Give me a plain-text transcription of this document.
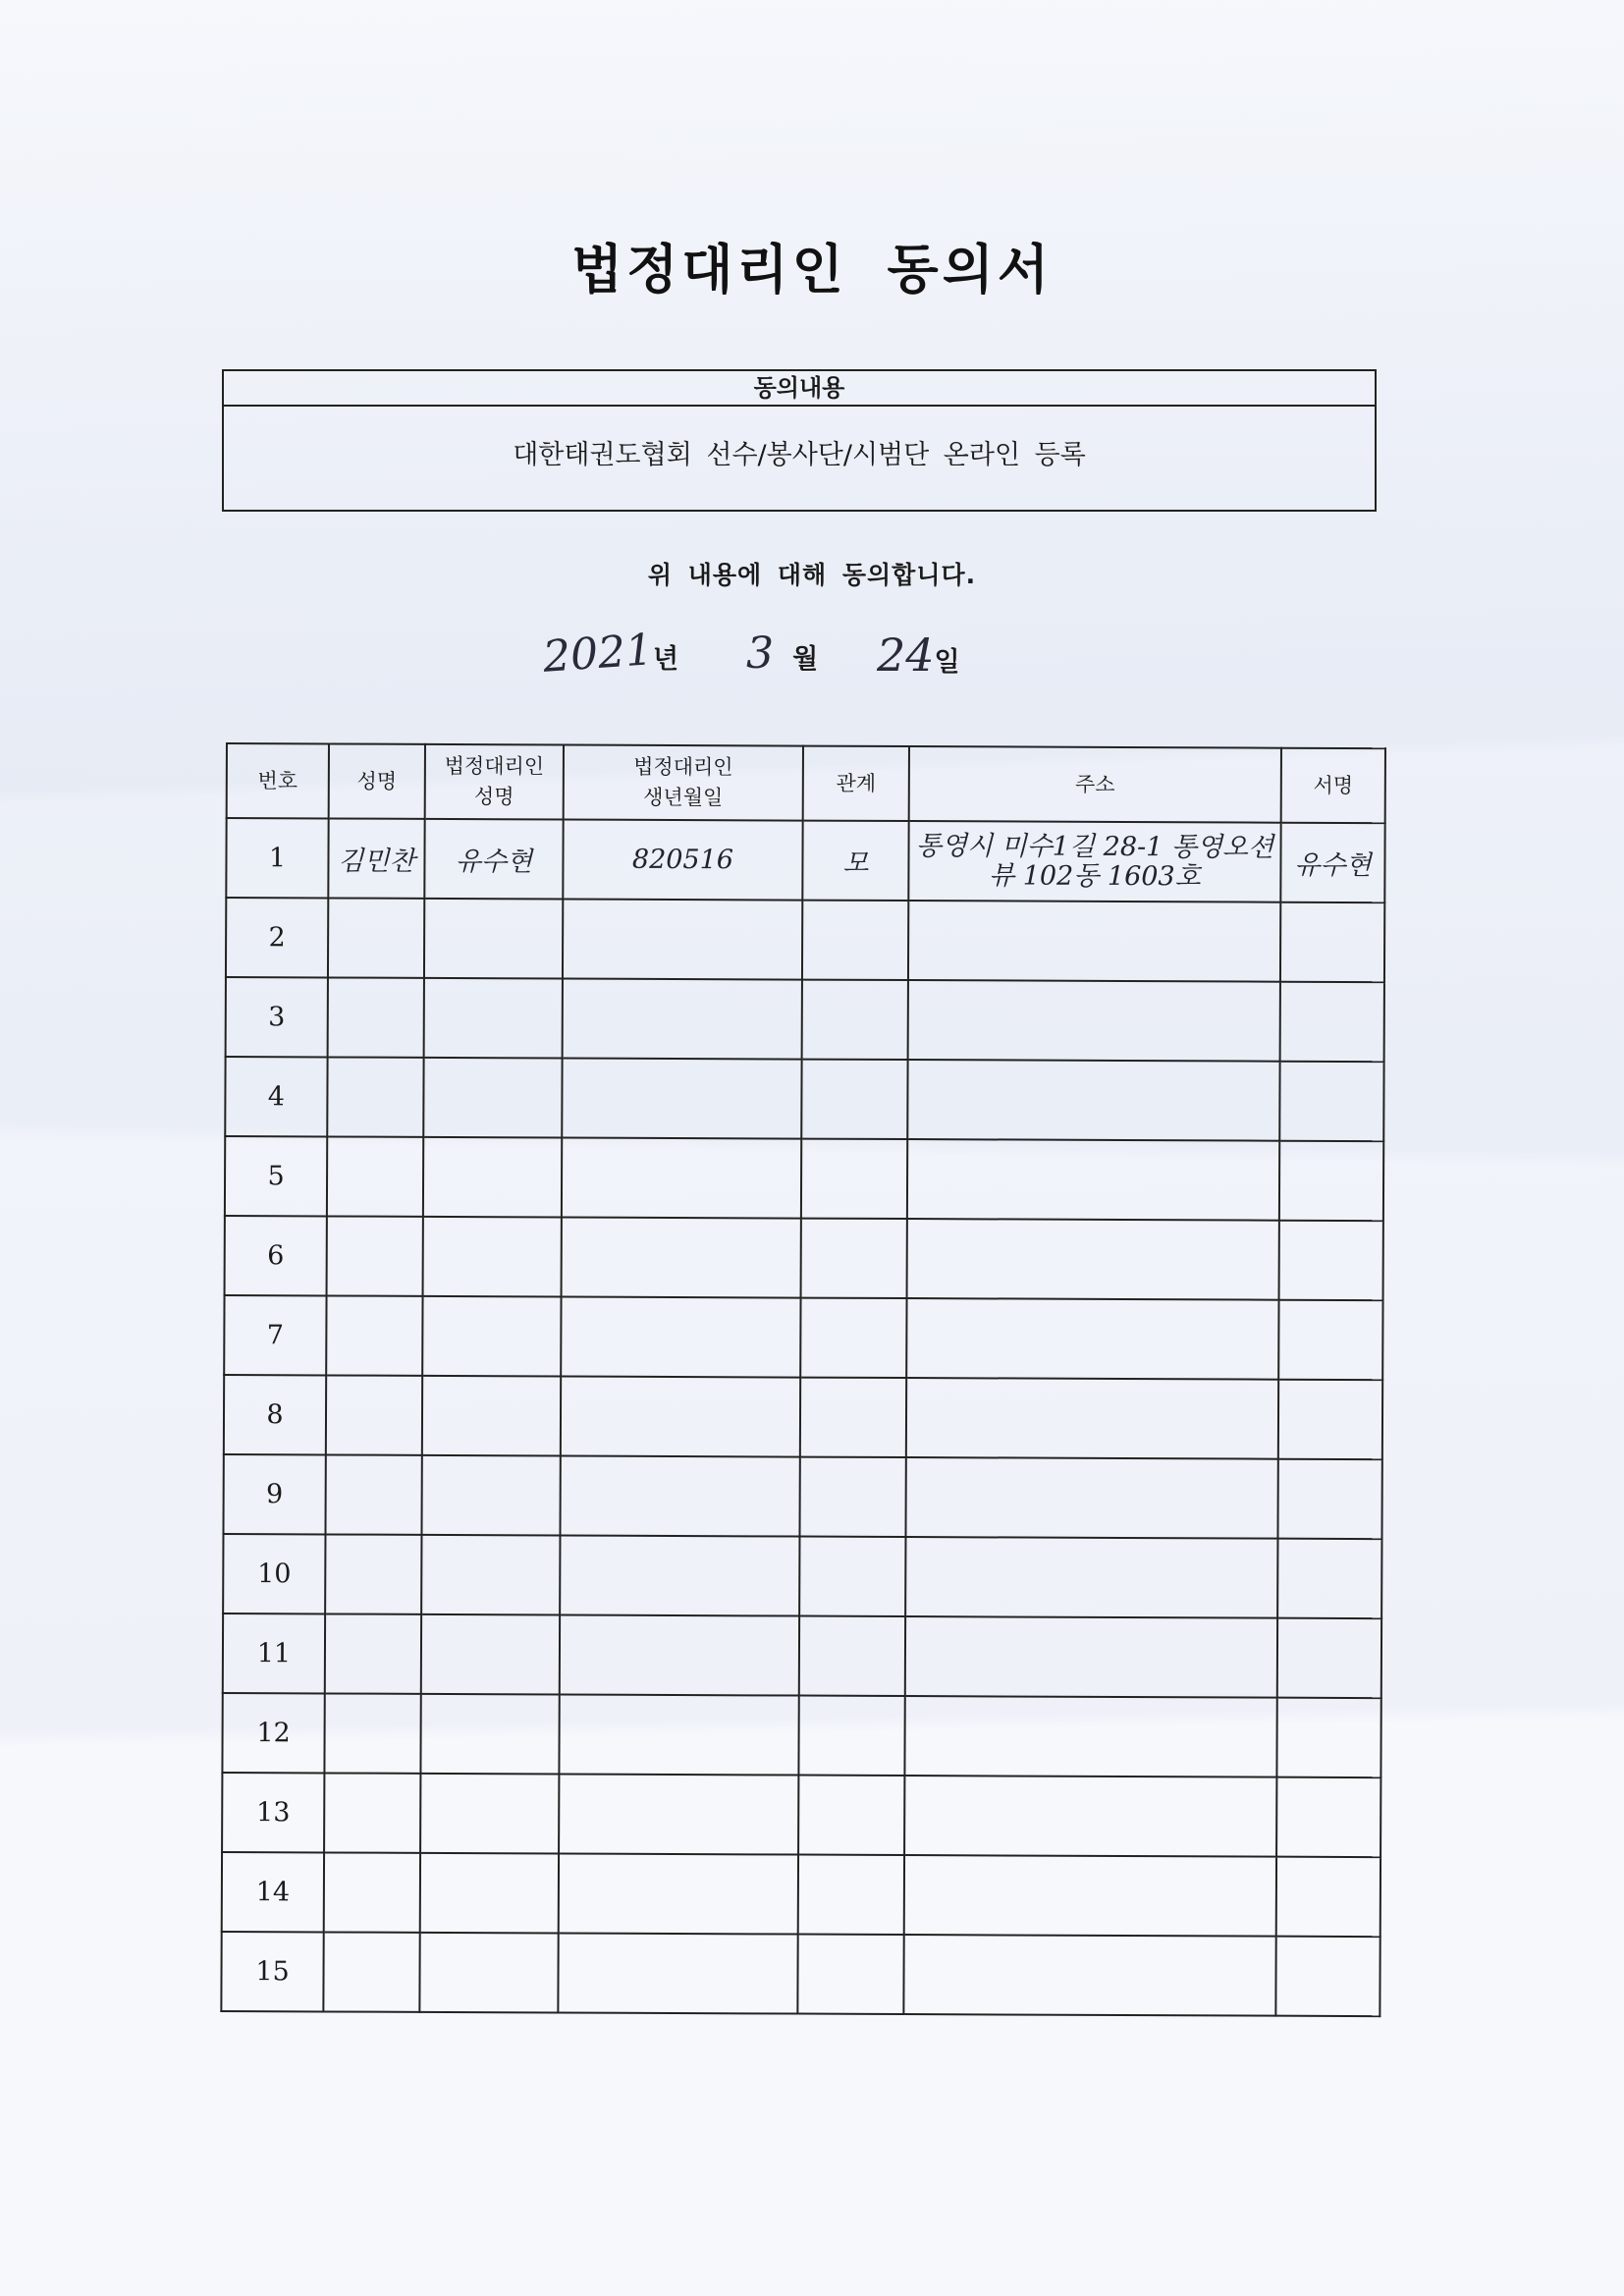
법정대리인 동의서
동의내용
대한태권도협회 선수/봉사단/시범단 온라인 등록
위 내용에 대해 동의합니다.
2021년 3 월 24일
번호	성명	법정대리인 성명	법정대리인 생년월일	관계	주소	서명
1	김민찬	유수현	820516	모	통영시 미수1길 28-1 통영오션 뷰 102동 1603호	유수현
2						
3						
4						
5						
6						
7						
8						
9						
10						
11						
12						
13						
14						
15						
